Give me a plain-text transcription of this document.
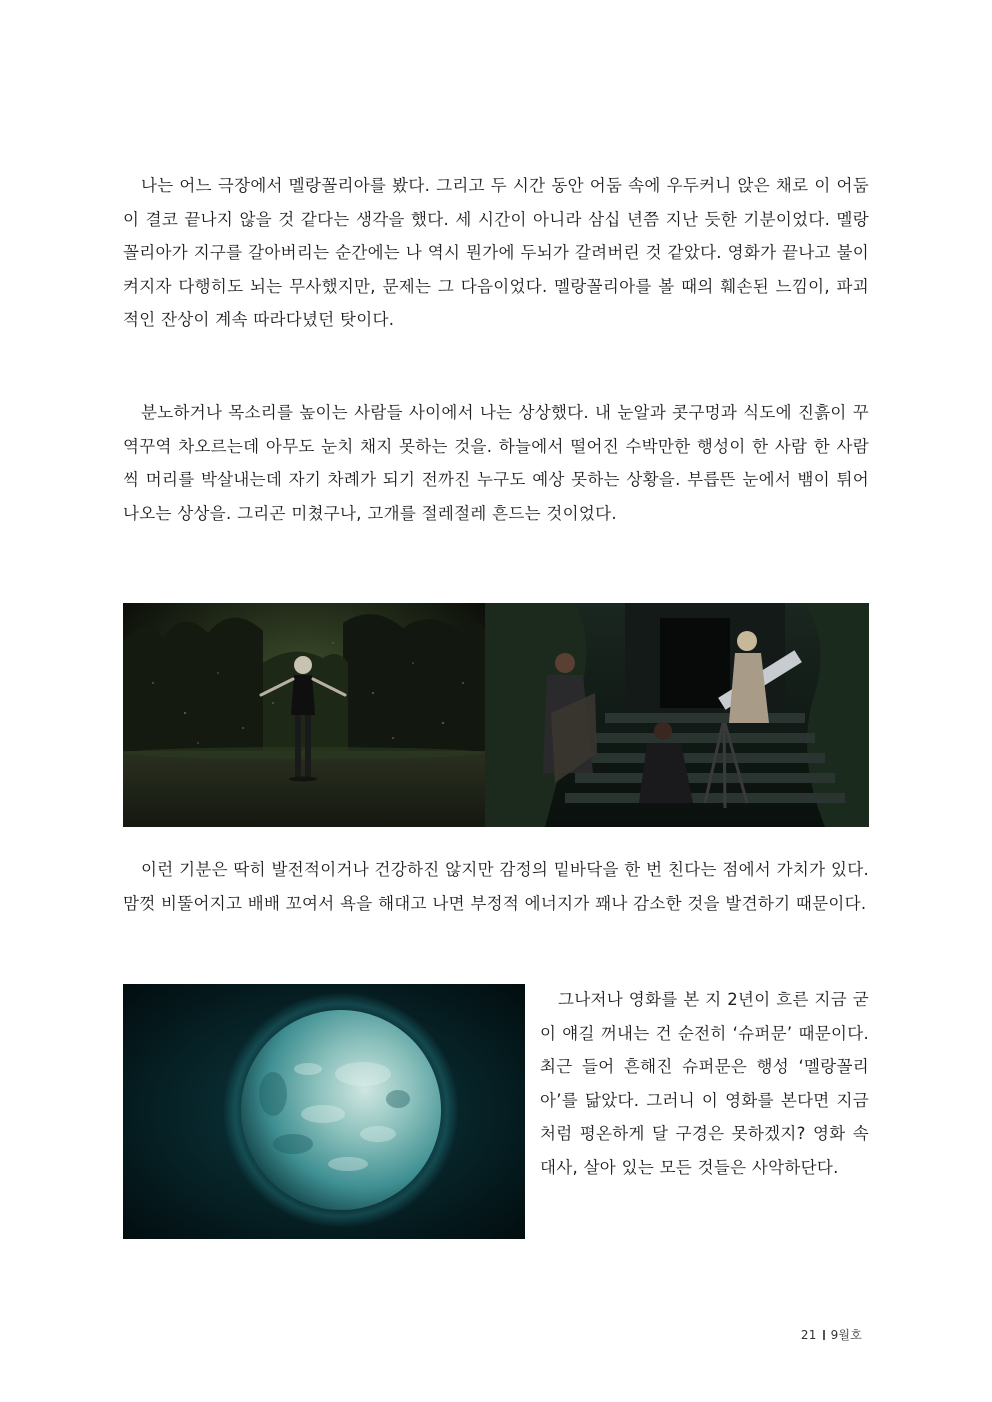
나는 어느 극장에서 멜랑꼴리아를 봤다. 그리고 두 시간 동안 어둠 속에 우두커니 앉은 채로 이 어둠이 결코 끝나지 않을 것 같다는 생각을 했다. 세 시간이 아니라 삼십 년쯤 지난 듯한 기분이었다. 멜랑꼴리아가 지구를 갈아버리는 순간에는 나 역시 뭔가에 두뇌가 갈려버린 것 같았다. 영화가 끝나고 불이 켜지자 다행히도 뇌는 무사했지만, 문제는 그 다음이었다. 멜랑꼴리아를 볼 때의 훼손된 느낌이, 파괴적인 잔상이 계속 따라다녔던 탓이다.

분노하거나 목소리를 높이는 사람들 사이에서 나는 상상했다. 내 눈알과 콧구멍과 식도에 진흙이 꾸역꾸역 차오르는데 아무도 눈치 채지 못하는 것을. 하늘에서 떨어진 수박만한 행성이 한 사람 한 사람씩 머리를 박살내는데 자기 차례가 되기 전까진 누구도 예상 못하는 상황을. 부릅뜬 눈에서 뱀이 튀어나오는 상상을. 그리곤 미쳤구나, 고개를 절레절레 흔드는 것이었다.

이런 기분은 딱히 발전적이거나 건강하진 않지만 감정의 밑바닥을 한 번 친다는 점에서 가치가 있다. 맘껏 비뚤어지고 배배 꼬여서 욕을 해대고 나면 부정적 에너지가 꽤나 감소한 것을 발견하기 때문이다.

그나저나 영화를 본 지 2년이 흐른 지금 굳이 얘길 꺼내는 건 순전히 ‘슈퍼문’ 때문이다. 최근 들어 흔해진 슈퍼문은 행성 ‘멜랑꼴리아’를 닮았다. 그러니 이 영화를 본다면 지금처럼 평온하게 달 구경은 못하겠지? 영화 속 대사, 살아 있는 모든 것들은 사악하단다.

21 9월호
